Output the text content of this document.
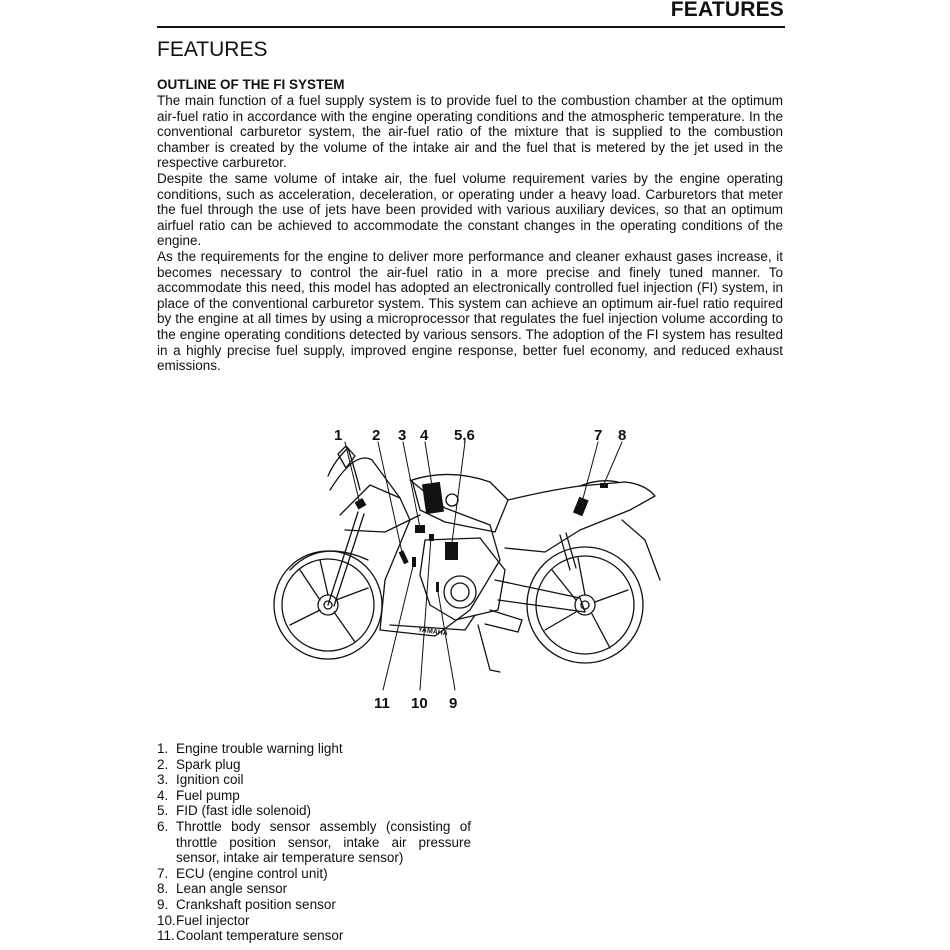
FEATURES
FEATURES
OUTLINE OF THE FI SYSTEM

The main function of a fuel supply system is to provide fuel to the combustion chamber at the optimum air-fuel ratio in accordance with the engine operating conditions and the atmospheric temperature. In the conventional carburetor system, the air-fuel ratio of the mixture that is supplied to the combustion chamber is created by the volume of the intake air and the fuel that is metered by the jet used in the respective carburetor.

Despite the same volume of intake air, the fuel volume requirement varies by the engine operating conditions, such as acceleration, deceleration, or operating under a heavy load. Carburetors that meter the fuel through the use of jets have been provided with various auxiliary devices, so that an optimum airfuel ratio can be achieved to accommodate the constant changes in the operating conditions of the engine.

As the requirements for the engine to deliver more performance and cleaner exhaust gases increase, it becomes necessary to control the air-fuel ratio in a more precise and finely tuned manner. To accommodate this need, this model has adopted an electronically controlled fuel injection (FI) system, in place of the conventional carburetor system. This system can achieve an optimum air-fuel ratio required by the engine at all times by using a microprocessor that regulates the fuel injection volume according to the engine operating conditions detected by various sensors. The adoption of the FI system has resulted in a highly precise fuel supply, improved engine response, better fuel economy, and reduced exhaust emissions.

YAMAHA
1 2 3 4 5,6	7 8
11 10 9
1. Engine trouble warning light
2. Spark plug
3. Ignition coil
4. Fuel pump
5. FID (fast idle solenoid)
6. Throttle body sensor assembly (consisting of throttle position sensor, intake air pressure sensor, intake air temperature sensor)
7. ECU (engine control unit)
8. Lean angle sensor
9. Crankshaft position sensor
10. Fuel injector
11. Coolant temperature sensor
